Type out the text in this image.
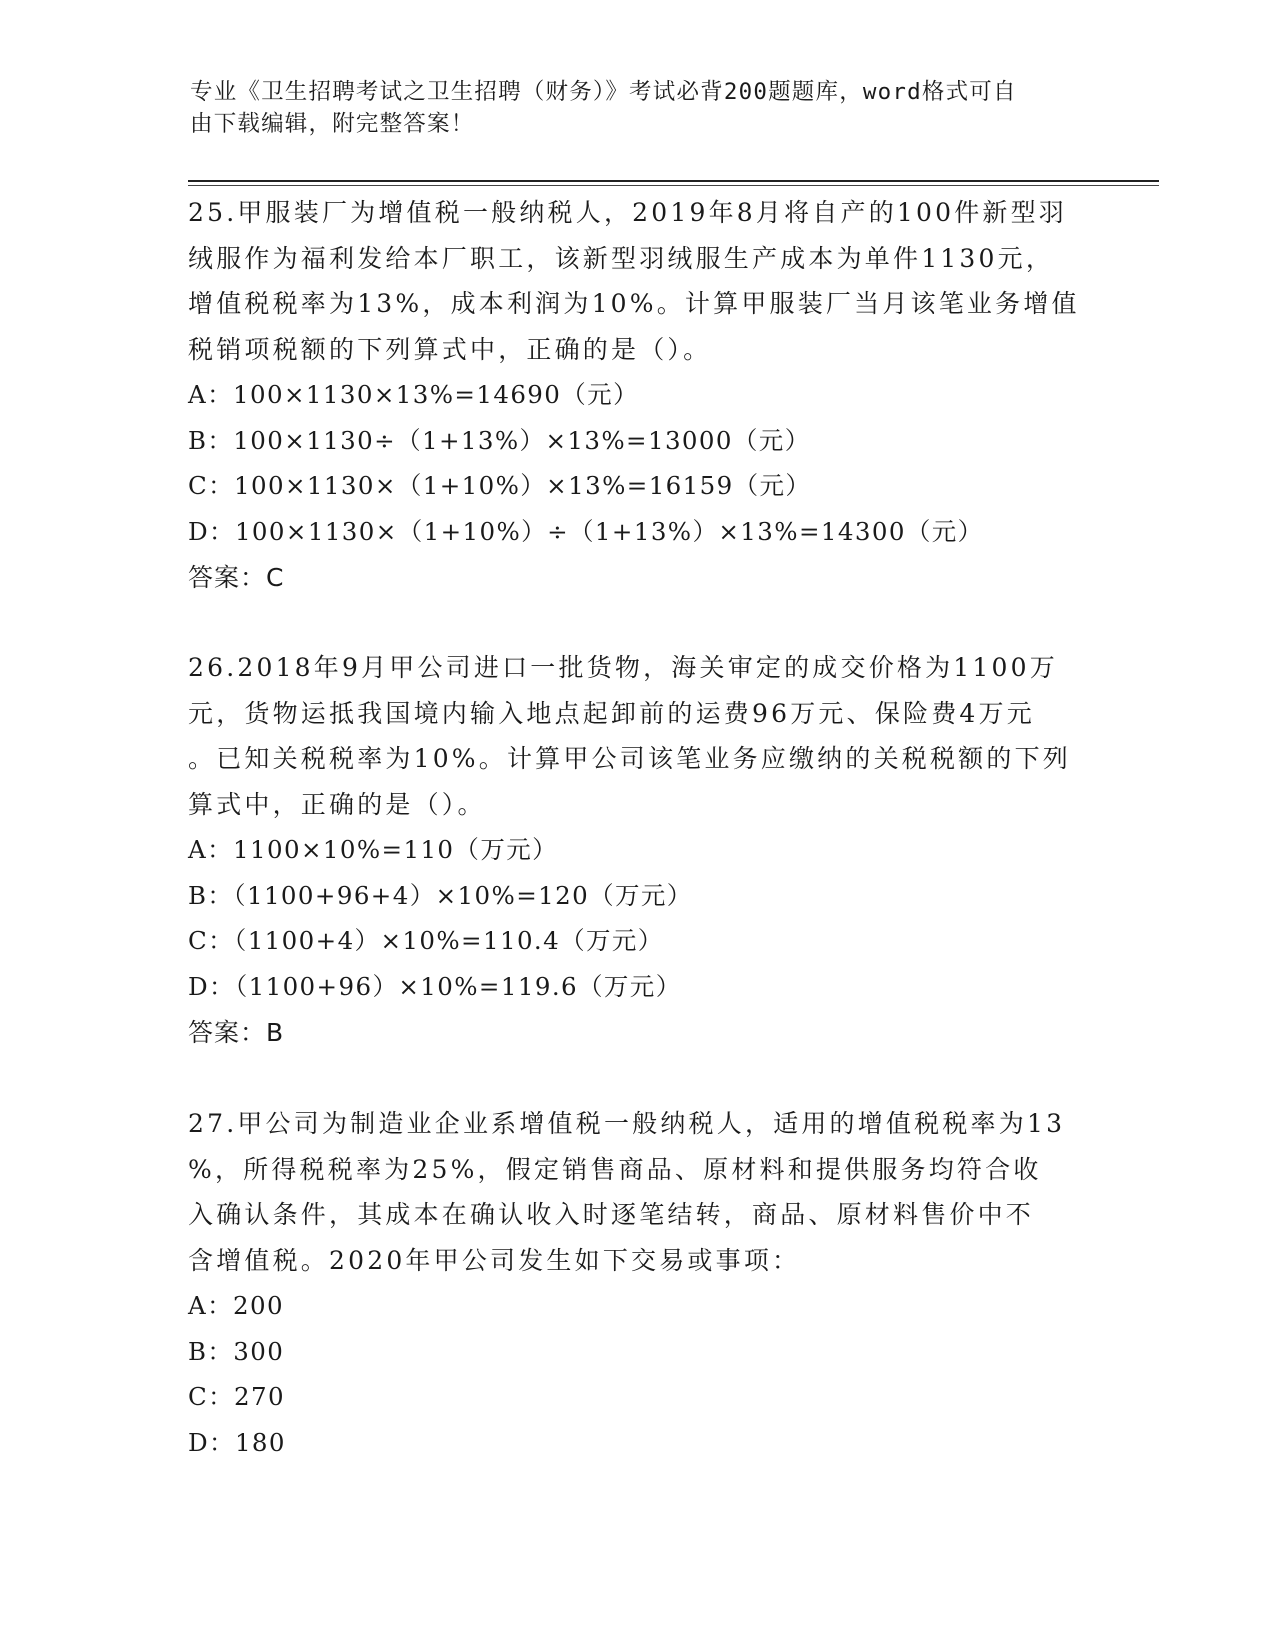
专业《卫生招聘考试之卫生招聘（财务）》考试必背200题题库，word格式可自
由下载编辑，附完整答案！
25.甲服装厂为增值税一般纳税人，2019年8月将自产的100件新型羽
绒服作为福利发给本厂职工，该新型羽绒服生产成本为单件1130元，
增值税税率为13%，成本利润为10%。计算甲服装厂当月该笔业务增值
税销项税额的下列算式中，正确的是（）。
A：100×1130×13%=14690（元）
B：100×1130÷（1+13%）×13%=13000（元）
C：100×1130×（1+10%）×13%=16159（元）
D：100×1130×（1+10%）÷（1+13%）×13%=14300（元）
答案：C
26.2018年9月甲公司进口一批货物，海关审定的成交价格为1100万
元，货物运抵我国境内输入地点起卸前的运费96万元、保险费4万元
。已知关税税率为10%。计算甲公司该笔业务应缴纳的关税税额的下列
算式中，正确的是（）。
A：1100×10%=110（万元）
B：（1100+96+4）×10%=120（万元）
C：（1100+4）×10%=110.4（万元）
D：（1100+96）×10%=119.6（万元）
答案：B
27.甲公司为制造业企业系增值税一般纳税人，适用的增值税税率为13
%，所得税税率为25%，假定销售商品、原材料和提供服务均符合收
入确认条件，其成本在确认收入时逐笔结转，商品、原材料售价中不
含增值税。2020年甲公司发生如下交易或事项：
A：200
B：300
C：270
D：180
